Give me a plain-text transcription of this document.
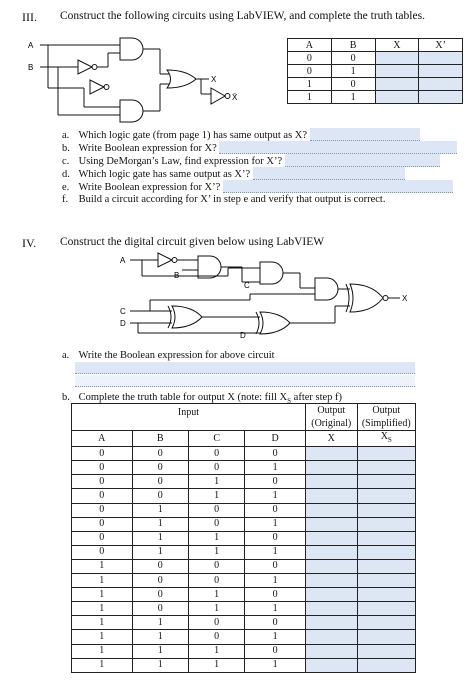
III. Construct the following circuits using LabVIEW, and complete the truth tables.
A
B
X
X̄
A	B	X	X’
0	0		
0	1		
1	0		
1	1		
a. Which logic gate (from page 1) has same output as X?
b. Write Boolean expression for X?
c. Using DeMorgan’s Law, find expression for X’?
d. Which logic gate has same output as X’?
e. Write Boolean expression for X’?
f. Build a circuit according for X’ in step e and verify that output is correct.
IV. Construct the digital circuit given below using LabVIEW
A
B
C
C
D
D
X
a. Write the Boolean expression for above circuit
b. Complete the truth table for output X (note: fill $X_S$ after step f)
Input				Output	Output
				(Original)	(Simplified)
A	B	C	D	X	$X_S$
0	0	0	0		
0	0	0	1		
0	0	1	0		
0	0	1	1		
0	1	0	0		
0	1	0	1		
0	1	1	0		
0	1	1	1		
1	0	0	0		
1	0	0	1		
1	0	1	0		
1	0	1	1		
1	1	0	0		
1	1	0	1		
1	1	1	0		
1	1	1	1		
